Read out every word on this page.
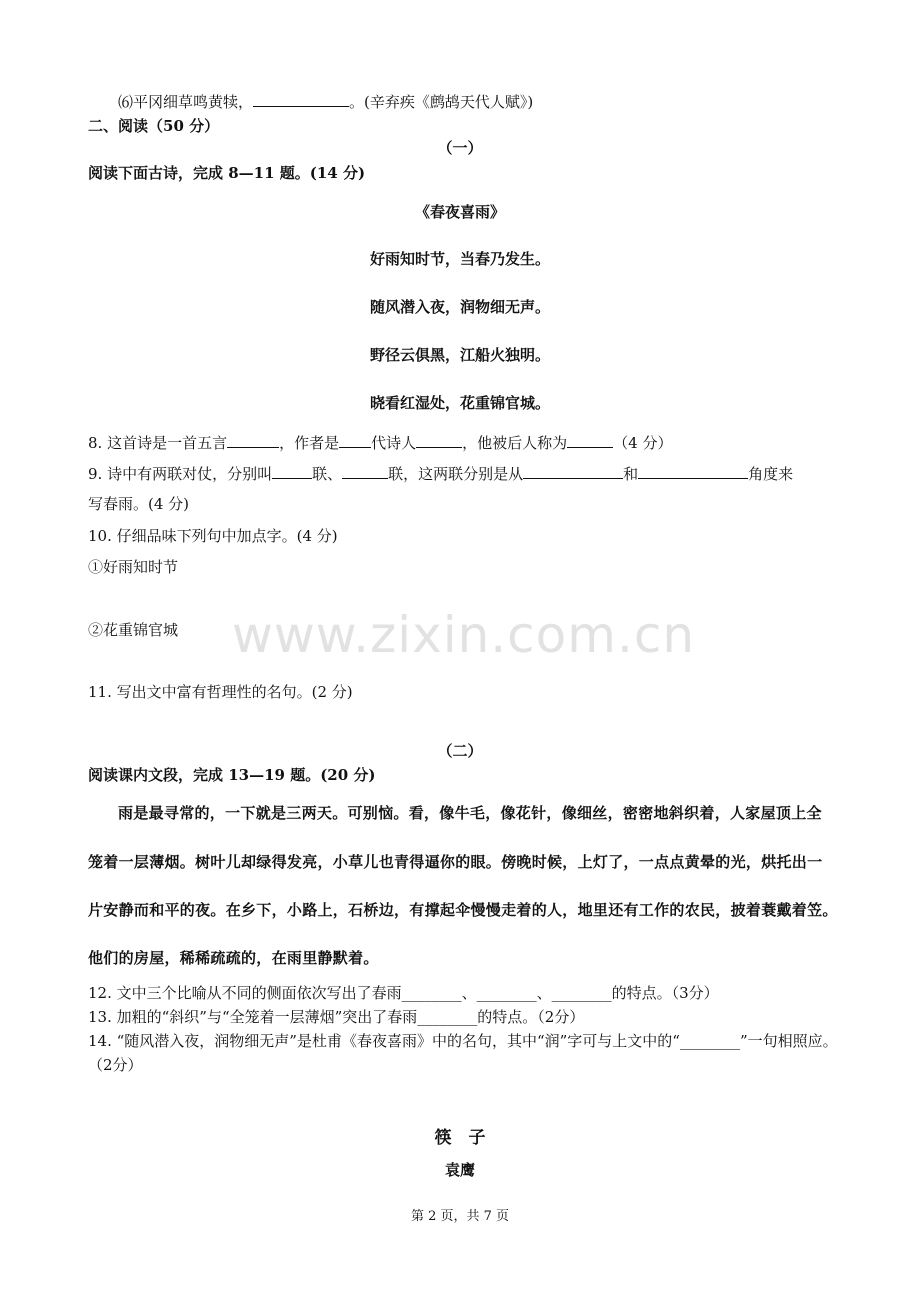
www.zixin.com.cn
⑹平冈细草鸣黄犊，	。(辛弃疾《鹧鸪天代人赋》)
二、阅读（50 分）
（一）
阅读下面古诗，完成 8—11 题。(14 分)
《春夜喜雨》
好雨知时节，当春乃发生。
随风潜入夜，润物细无声。
野径云俱黑，江船火独明。
晓看红湿处，花重锦官城。
8. 这首诗是一首五言	，作者是 代诗人	，他被后人称为	（4 分）
9. 诗中有两联对仗，分别叫	联、	联，这两联分别是从	和	角度来
写春雨。(4 分)
10. 仔细品味下列句中加点字。(4 分)
①好雨知时节
②花重锦官城
11. 写出文中富有哲理性的名句。(2 分)
（二）
阅读课内文段，完成 13—19 题。(20 分)
雨是最寻常的，一下就是三两天。可别恼。看，像牛毛，像花针，像细丝，密密地斜织着，人家屋顶上全
笼着一层薄烟。树叶儿却绿得发亮，小草儿也青得逼你的眼。傍晚时候，上灯了，一点点黄晕的光，烘托出一
片安静而和平的夜。在乡下，小路上，石桥边，有撑起伞慢慢走着的人，地里还有工作的农民，披着蓑戴着笠。
他们的房屋，稀稀疏疏的，在雨里静默着。
12. 文中三个比喻从不同的侧面依次写出了春雨________、________、________的特点。（3分）
13. 加粗的“斜织”与“全笼着一层薄烟”突出了春雨________的特点。（2分）
14. “随风潜入夜，润物细无声”是杜甫《春夜喜雨》中的名句，其中“润”字可与上文中的“________”一句相照应。
（2分）
筷　子
袁鹰
第 2 页，共 7 页
